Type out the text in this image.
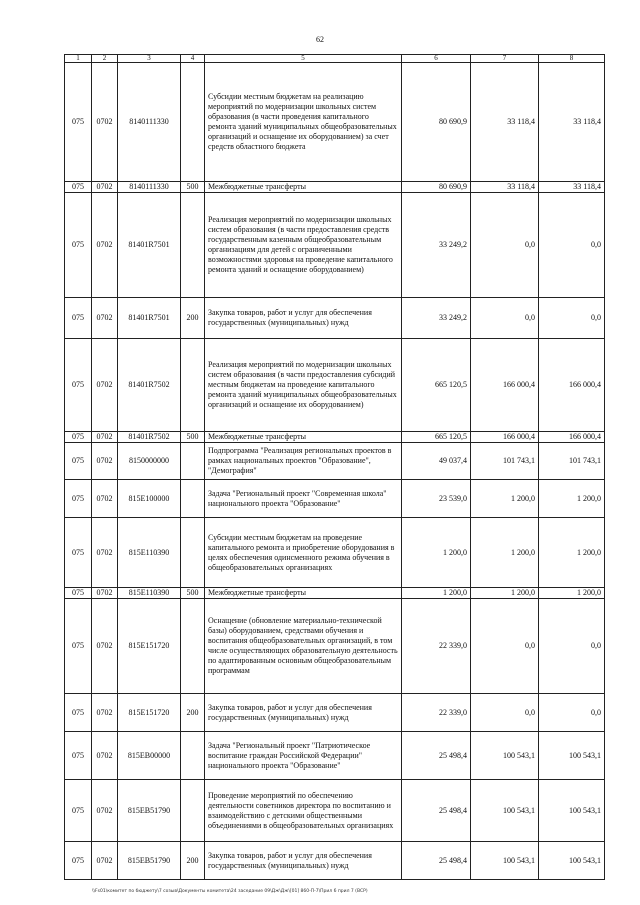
62
1	2	3	4	5	6	7	8
075	0702	8140111330		Субсидии местным бюджетам на реализацию мероприятий по модернизации школьных систем образования (в части проведения капитального ремонта зданий муниципальных общеобразовательных организаций и оснащение их оборудованием) за счет средств областного бюджета	80 690,9	33 118,4	33 118,4
075	0702	8140111330	500	Межбюджетные трансферты	80 690,9	33 118,4	33 118,4
075	0702	81401R7501		Реализация мероприятий по модернизации школьных систем образования (в части предоставления средств государственным казенным общеобразовательным организациям для детей с ограниченными возможностями здоровья на проведение капитального ремонта зданий и оснащение оборудованием)	33 249,2	0,0	0,0
075	0702	81401R7501	200	Закупка товаров, работ и услуг для обеспечения государственных (муниципальных) нужд	33 249,2	0,0	0,0
075	0702	81401R7502		Реализация мероприятий по модернизации школьных систем образования (в части предоставления субсидий местным бюджетам на проведение капитального ремонта зданий муниципальных общеобразовательных организаций и оснащение их оборудованием)	665 120,5	166 000,4	166 000,4
075	0702	81401R7502	500	Межбюджетные трансферты	665 120,5	166 000,4	166 000,4
075	0702	8150000000		Подпрограмма "Реализация региональных проектов в рамках национальных проектов "Образование", "Демография"	49 037,4	101 743,1	101 743,1
075	0702	815E100000		Задача "Региональный проект "Современная школа" национального проекта "Образование"	23 539,0	1 200,0	1 200,0
075	0702	815E110390		Субсидии местным бюджетам на проведение капитального ремонта и приобретение оборудования в целях обеспечения одинсменного режима обучения в общеобразовательных организациях	1 200,0	1 200,0	1 200,0
075	0702	815E110390	500	Межбюджетные трансферты	1 200,0	1 200,0	1 200,0
075	0702	815E151720		Оснащение (обновление материально-технической базы) оборудованием, средствами обучения и воспитания общеобразовательных организаций, в том числе осуществляющих образовательную деятельность по адаптированным основным общеобразовательным программам	22 339,0	0,0	0,0
075	0702	815E151720	200	Закупка товаров, работ и услуг для обеспечения государственных (муниципальных) нужд	22 339,0	0,0	0,0
075	0702	815EB00000		Задача "Региональный проект "Патриотическое воспитание граждан Российской Федерации" национального проекта "Образование"	25 498,4	100 543,1	100 543,1
075	0702	815EB51790		Проведение мероприятий по обеспечению деятельности советников директора по воспитанию и взаимодействию с детскими общественными объединениями в общеобразовательных организациях	25 498,4	100 543,1	100 543,1
075	0702	815EB51790	200	Закупка товаров, работ и услуг для обеспечения государственных (муниципальных) нужд	25 498,4	100 543,1	100 543,1
\\Fs01\комитет по бюджету\7 созыв\Документы комитета\24 заседание 09\Дж\Дж\[01] 860-П-7\Прил 6 прил 7 (ВСР)
